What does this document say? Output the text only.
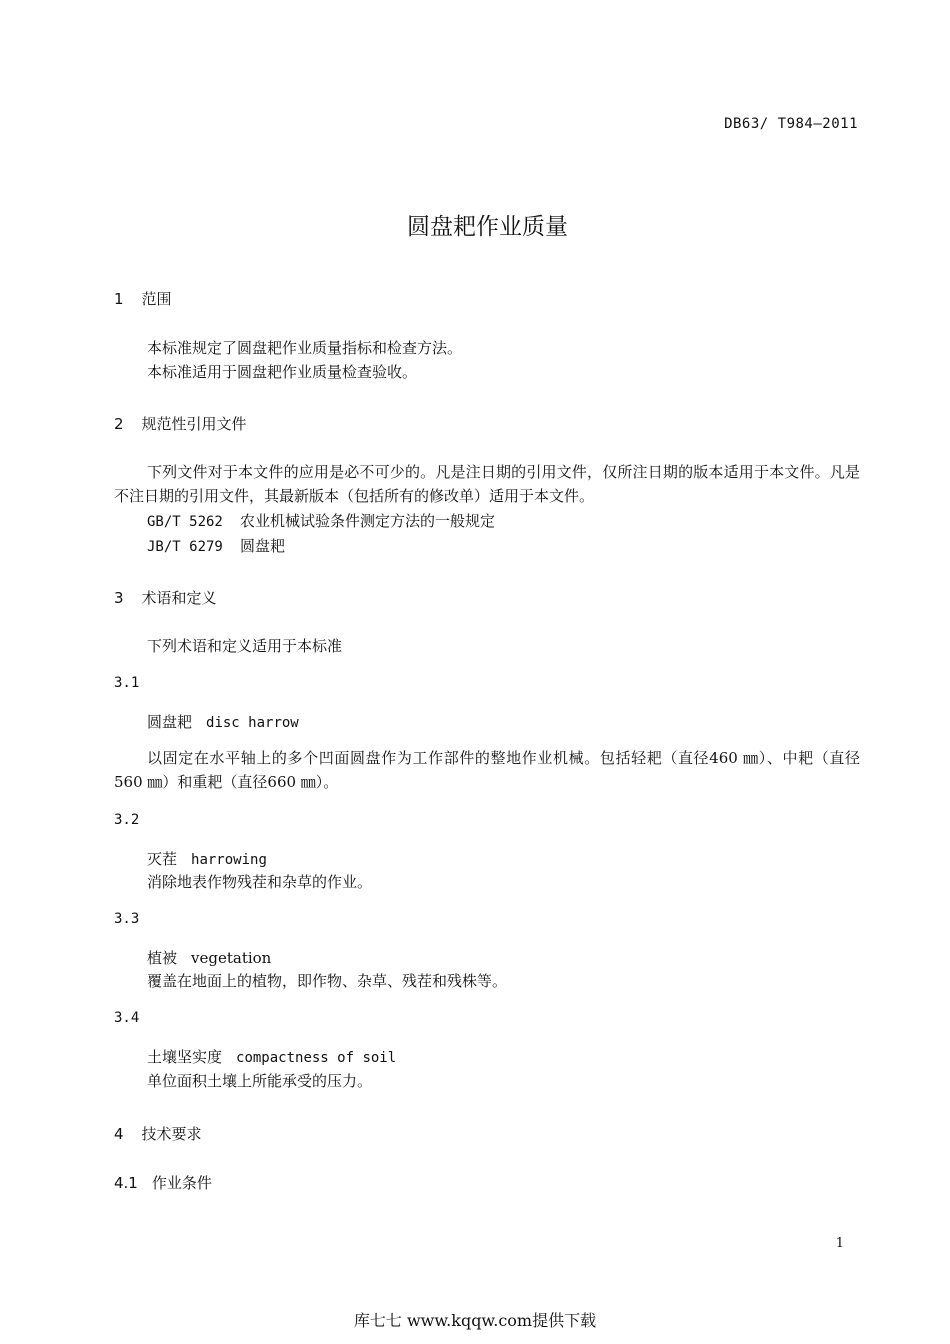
DB63/ T984—2011
圆盘耙作业质量
1 范围
本标准规定了圆盘耙作业质量指标和检查方法。
本标准适用于圆盘耙作业质量检查验收。
2 规范性引用文件
下列文件对于本文件的应用是必不可少的。凡是注日期的引用文件，仅所注日期的版本适用于本文件。凡是不注日期的引用文件，其最新版本（包括所有的修改单）适用于本文件。
GB/T 5262 农业机械试验条件测定方法的一般规定
JB/T 6279 圆盘耙
3 术语和定义
下列术语和定义适用于本标准
3.1
圆盘耙 disc harrow
以固定在水平轴上的多个凹面圆盘作为工作部件的整地作业机械。包括轻耙（直径460 ㎜）、中耙（直径560 ㎜）和重耙（直径660 ㎜）。
3.2
灭茬 harrowing
消除地表作物残茬和杂草的作业。
3.3
植被 vegetation
覆盖在地面上的植物，即作物、杂草、残茬和残株等。
3.4
土壤坚实度 compactness of soil
单位面积土壤上所能承受的压力。
4 技术要求
4.1 作业条件
1
库七七 www.kqqw.com提供下载
